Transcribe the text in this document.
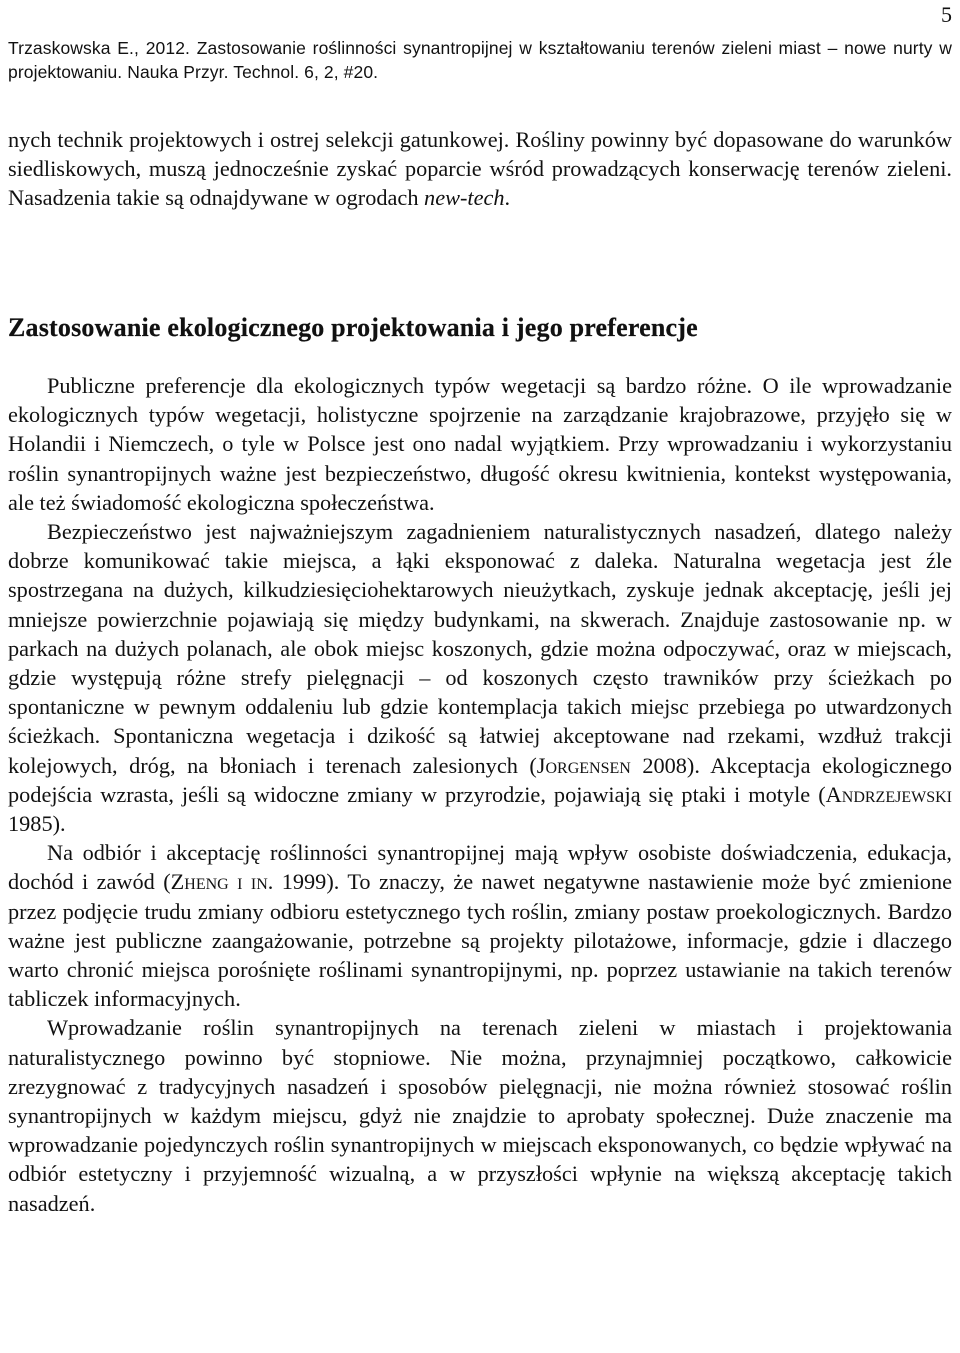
5
Trzaskowska E., 2012. Zastosowanie roślinności synantropijnej w kształtowaniu terenów zieleni miast – nowe nurty w projektowaniu. Nauka Przyr. Technol. 6, 2, #20.

nych technik projektowych i ostrej selekcji gatunkowej. Rośliny powinny być dopasowane do warunków siedliskowych, muszą jednocześnie zyskać poparcie wśród prowadzących konserwację terenów zieleni. Nasadzenia takie są odnajdywane w ogrodach new-tech.

Zastosowanie ekologicznego projektowania i jego preferencje

Publiczne preferencje dla ekologicznych typów wegetacji są bardzo różne. O ile wprowadzanie ekologicznych typów wegetacji, holistyczne spojrzenie na zarządzanie krajobrazowe, przyjęło się w Holandii i Niemczech, o tyle w Polsce jest ono nadal wyjątkiem. Przy wprowadzaniu i wykorzystaniu roślin synantropijnych ważne jest bezpieczeństwo, długość okresu kwitnienia, kontekst występowania, ale też świadomość ekologiczna społeczeństwa.

Bezpieczeństwo jest najważniejszym zagadnieniem naturalistycznych nasadzeń, dlatego należy dobrze komunikować takie miejsca, a łąki eksponować z daleka. Naturalna wegetacja jest źle spostrzegana na dużych, kilkudziesięciohektarowych nieużytkach, zyskuje jednak akceptację, jeśli jej mniejsze powierzchnie pojawiają się między budynkami, na skwerach. Znajduje zastosowanie np. w parkach na dużych polanach, ale obok miejsc koszonych, gdzie można odpoczywać, oraz w miejscach, gdzie występują różne strefy pielęgnacji – od koszonych często trawników przy ścieżkach po spontaniczne w pewnym oddaleniu lub gdzie kontemplacja takich miejsc przebiega po utwardzonych ścieżkach. Spontaniczna wegetacja i dzikość są łatwiej akceptowane nad rzekami, wzdłuż trakcji kolejowych, dróg, na błoniach i terenach zalesionych (Jorgensen 2008). Akceptacja ekologicznego podejścia wzrasta, jeśli są widoczne zmiany w przyrodzie, pojawiają się ptaki i motyle (Andrzejewski 1985).

Na odbiór i akceptację roślinności synantropijnej mają wpływ osobiste doświadczenia, edukacja, dochód i zawód (Zheng i in. 1999). To znaczy, że nawet negatywne nastawienie może być zmienione przez podjęcie trudu zmiany odbioru estetycznego tych roślin, zmiany postaw proekologicznych. Bardzo ważne jest publiczne zaangażowanie, potrzebne są projekty pilotażowe, informacje, gdzie i dlaczego warto chronić miejsca porośnięte roślinami synantropijnymi, np. poprzez ustawianie na takich terenów tabliczek informacyjnych.

Wprowadzanie roślin synantropijnych na terenach zieleni w miastach i projektowania naturalistycznego powinno być stopniowe. Nie można, przynajmniej początkowo, całkowicie zrezygnować z tradycyjnych nasadzeń i sposobów pielęgnacji, nie można również stosować roślin synantropijnych w każdym miejscu, gdyż nie znajdzie to aprobaty społecznej. Duże znaczenie ma wprowadzanie pojedynczych roślin synantropijnych w miejscach eksponowanych, co będzie wpływać na odbiór estetyczny i przyjemność wizualną, a w przyszłości wpłynie na większą akceptację takich nasadzeń.
